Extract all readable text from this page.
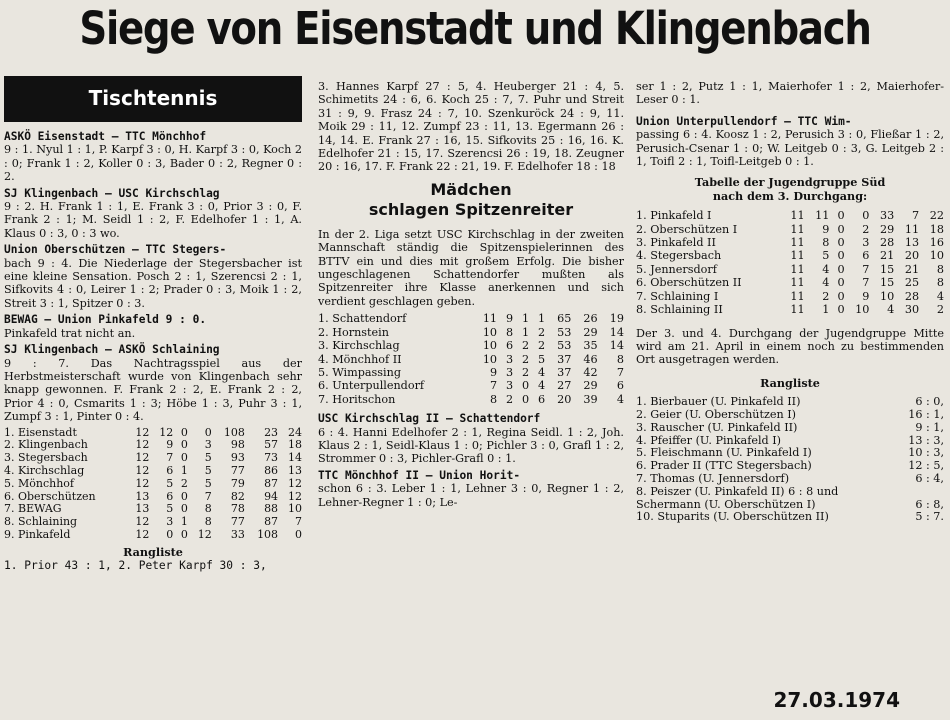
Siege von Eisenstadt und Klingenbach
Tischtennis
ASKÖ Eisenstadt — TTC Mönchhof

9 : 1. Nyul 1 : 1, P. Karpf 3 : 0, H. Karpf 3 : 0, Koch 2 : 0; Frank 1 : 2, Koller 0 : 3, Bader 0 : 2, Regner 0 : 2.

SJ Klingenbach — USC Kirchschlag

9 : 2. H. Frank 1 : 1, E. Frank 3 : 0, Prior 3 : 0, F. Frank 2 : 1; M. Seidl 1 : 2, F. Edelhofer 1 : 1, A. Klaus 0 : 3, 0 : 3 wo.

Union Oberschützen — TTC Stegers-

bach 9 : 4. Die Niederlage der Stegersbacher ist eine kleine Sensation. Posch 2 : 1, Szerencsi 2 : 1, Sifkovits 4 : 0, Leirer 1 : 2; Prader 0 : 3, Moik 1 : 2, Streit 3 : 1, Spitzer 0 : 3.

BEWAG — Union Pinkafeld 9 : 0.

Pinkafeld trat nicht an.

SJ Klingenbach — ASKÖ Schlaining

9 : 7. Das Nachtragsspiel aus der Herbstmeisterschaft wurde von Klingenbach sehr knapp gewonnen. F. Frank 2 : 2, E. Frank 2 : 2, Prior 4 : 0, Csmarits 1 : 3; Höbe 1 : 3, Puhr 3 : 1, Zumpf 3 : 1, Pinter 0 : 4.

1. Eisenstadt	12	12	0	0	108	23	24
2. Klingenbach	12	9	0	3	98	57	18
3. Stegersbach	12	7	0	5	93	73	14
4. Kirchschlag	12	6	1	5	77	86	13
5. Mönchhof	12	5	2	5	79	87	12
6. Oberschützen	13	6	0	7	82	94	12
7. BEWAG	13	5	0	8	78	88	10
8. Schlaining	12	3	1	8	77	87	7
9. Pinkafeld	12	0	0	12	33	108	0
Rangliste

1. Prior 43 : 1, 2. Peter Karpf 30 : 3,

3. Hannes Karpf 27 : 5, 4. Heuberger 21 : 4, 5. Schimetits 24 : 6, 6. Koch 25 : 7, 7. Puhr und Streit 31 : 9, 9. Frasz 24 : 7, 10. Szenkuröck 24 : 9, 11. Moik 29 : 11, 12. Zumpf 23 : 11, 13. Egermann 26 : 14, 14. E. Frank 27 : 16, 15. Sifkovits 25 : 16, 16. K. Edelhofer 21 : 15, 17. Szerencsi 26 : 19, 18. Zeugner 20 : 16, 17. F. Frank 22 : 21, 19. F. Edelhofer 18 : 18

Mädchen
schlagen Spitzenreiter

In der 2. Liga setzt USC Kirchschlag in der zweiten Mannschaft ständig die Spitzenspielerinnen des BTTV ein und dies mit großem Erfolg. Die bisher ungeschlagenen Schattendorfer mußten als Spitzenreiter ihre Klasse anerkennen und sich verdient geschlagen geben.

1. Schattendorf	11	9	1	1	65	26	19
2. Hornstein	10	8	1	2	53	29	14
3. Kirchschlag	10	6	2	2	53	35	14
4. Mönchhof II	10	3	2	5	37	46	8
5. Wimpassing	9	3	2	4	37	42	7
6. Unterpullendorf	7	3	0	4	27	29	6
7. Horitschon	8	2	0	6	20	39	4
USC Kirchschlag II — Schattendorf

6 : 4. Hanni Edelhofer 2 : 1, Regina Seidl. 1 : 2, Joh. Klaus 2 : 1, Seidl-Klaus 1 : 0; Pichler 3 : 0, Grafl 1 : 2, Strommer 0 : 3, Pichler-Grafl 0 : 1.

TTC Mönchhof II — Union Horit-

schon 6 : 3. Leber 1 : 1, Lehner 3 : 0, Regner 1 : 2, Lehner-Regner 1 : 0; Le-

ser 1 : 2, Putz 1 : 1, Maierhofer 1 : 2, Maierhofer-Leser 0 : 1.

Union Unterpullendorf — TTC Wim-

passing 6 : 4. Koosz 1 : 2, Perusich 3 : 0, Fließar 1 : 2, Perusich-Csenar 1 : 0; W. Leitgeb 0 : 3, G. Leitgeb 2 : 1, Toifl 2 : 1, Toifl-Leitgeb 0 : 1.

Tabelle der Jugendgruppe Süd
nach dem 3. Durchgang:
1. Pinkafeld I	11	11	0	0	33	7	22
2. Oberschützen I	11	9	0	2	29	11	18
3. Pinkafeld II	11	8	0	3	28	13	16
4. Stegersbach	11	5	0	6	21	20	10
5. Jennersdorf	11	4	0	7	15	21	8
6. Oberschützen II	11	4	0	7	15	25	8
7. Schlaining I	11	2	0	9	10	28	4
8. Schlaining II	11	1	0	10	4	30	2

Der 3. und 4. Durchgang der Jugendgruppe Mitte wird am 21. April in einem noch zu bestimmenden Ort ausgetragen werden.

Rangliste
1. Bierbauer (U. Pinkafeld II)	6 : 0,
2. Geier (U. Oberschützen I)	16 : 1,
3. Rauscher (U. Pinkafeld II)	9 : 1,
4. Pfeiffer (U. Pinkafeld I)	13 : 3,
5. Fleischmann (U. Pinkafeld I)	10 : 3,
6. Prader II (TTC Stegersbach)	12 : 5,
7. Thomas (U. Jennersdorf)	6 : 4,
8. Peiszer (U. Pinkafeld II) 6 : 8 und	
Schermann (U. Oberschützen I)	6 : 8,
10. Stuparits (U. Oberschützen II)	5 : 7.
27.03.1974
